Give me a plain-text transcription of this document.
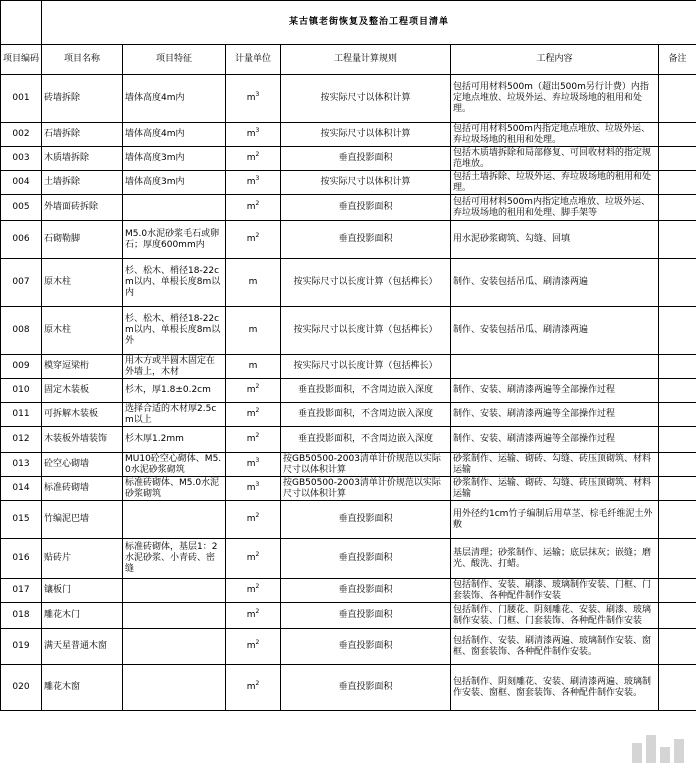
	某古镇老街恢复及整治工程项目清单					
项目编码	项目名称	项目特征	计量单位	工程量计算规则	工程内容	备注
001	砖墙拆除	墙体高度4m内	$m^3$	按实际尺寸以体积计算	包括可用材料500m（超出500m另行计费）内指定地点堆放、垃圾外运、弃垃圾场地的租用和处理。	
002	石墙拆除	墙体高度4m内	$m^3$	按实际尺寸以体积计算	包括可用材料500m内指定地点堆放、垃圾外运、弃垃圾场地的租用和处理。	
003	木质墙拆除	墙体高度3m内	$m^2$	垂直投影面积	包括木质墙拆除和局部修复、可回收材料的指定规范堆放。	
004	土墙拆除	墙体高度3m内	$m^3$	按实际尺寸以体积计算	包括土墙拆除、垃圾外运、弃垃圾场地的租用和处理。	
005	外墙面砖拆除		$m^2$	垂直投影面积	包括可用材料500m内指定地点堆放、垃圾外运、弃垃圾场地的租用和处理、脚手架等	
006	石砌勒脚	M5.0水泥砂浆毛石或卵石；厚度600mm内	$m^2$	垂直投影面积	用水泥砂浆砌筑、勾缝、回填	
007	原木柱	杉、松木、梢径18-22cm以内、单根长度8m以内	m	按实际尺寸以长度计算（包括榫长）	制作、安装包括吊瓜、刷清漆两遍	
008	原木柱	杉、松木、梢径18-22cm以内、单根长度8m以外	m	按实际尺寸以长度计算（包括榫长）	制作、安装包括吊瓜、刷清漆两遍	
009	模穿逗梁桁	用木方或半圆木固定在外墙上，木材	m	按实际尺寸以长度计算（包括榫长）		
010	固定木装板	杉木，厚1.8±0.2cm	$m^2$	垂直投影面积，不含周边嵌入深度	制作、安装、刷清漆两遍等全部操作过程	
011	可拆解木装板	选择合适的木材厚2.5cm以上	$m^2$	垂直投影面积，不含周边嵌入深度	制作、安装、刷清漆两遍等全部操作过程	
012	木装板外墙装饰	杉木厚1.2mm	$m^2$	垂直投影面积，不含周边嵌入深度	制作、安装、刷清漆两遍等全部操作过程	
013	砼空心砌墙	MU10砼空心砌体、M5.0水泥砂浆砌筑	$m^3$	按GB50500-2003清单计价规范以实际尺寸以体积计算	砂浆制作、运输、砌砖、勾缝、砖压顶砌筑、材料运输	
014	标准砖砌墙	标准砖砌体、M5.0水泥砂浆砌筑	$m^3$	按GB50500-2003清单计价规范以实际尺寸以体积计算	砂浆制作、运输、砌砖、勾缝、砖压顶砌筑、材料运输	
015	竹编泥巴墙		$m^2$	垂直投影面积	用外径约1cm竹子编制后用草茎、棕毛纤维泥土外敷	
016	贴砖片	标准砖砌体，基层1：2水泥砂浆、小青砖、密缝	$m^2$	垂直投影面积	基层清理；砂浆制作、运输；底层抹灰；嵌缝；磨光、酸洗、打蜡。	
017	镶板门		$m^2$	垂直投影面积	包括制作、安装、刷漆、玻璃制作安装、门框、门套装饰、各种配件制作安装	
018	雕花木门		$m^2$	垂直投影面积	包括制作、门腰花、阴刻雕花、安装、刷漆、玻璃制作安装、门框、门套装饰、各种配件制作安装	
019	满天星普通木窗		$m^2$	垂直投影面积	包括制作、安装、刷清漆两遍、玻璃制作安装、窗框、窗套装饰、各种配件制作安装。	
020	雕花木窗		$m^2$	垂直投影面积	包括制作、阴刻雕花、安装、刷清漆两遍、玻璃制作安装、窗框、窗套装饰、各种配件制作安装。	
